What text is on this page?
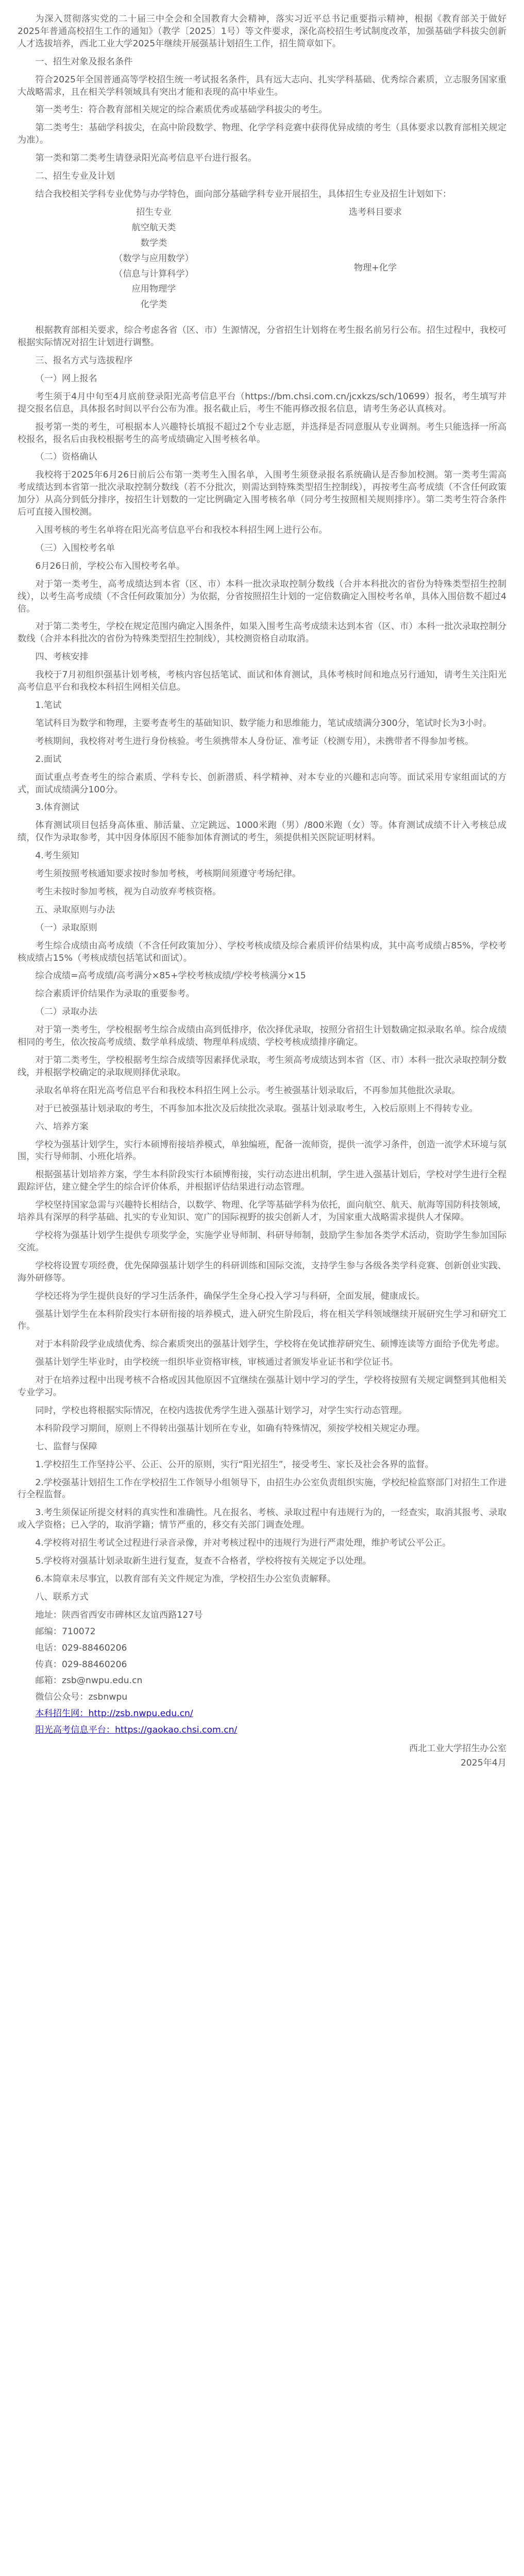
为深入贯彻落实党的二十届三中全会和全国教育大会精神，落实习近平总书记重要指示精神，根据《教育部关于做好2025年普通高校招生工作的通知》（教学〔2025〕1号）等文件要求，深化高校招生考试制度改革，加强基础学科拔尖创新人才选拔培养，西北工业大学2025年继续开展强基计划招生工作，招生简章如下。

一、招生对象及报名条件

符合2025年全国普通高等学校招生统一考试报名条件，具有远大志向、扎实学科基础、优秀综合素质，立志服务国家重大战略需求，且在相关学科领域具有突出才能和表现的高中毕业生。

第一类考生：符合教育部相关规定的综合素质优秀或基础学科拔尖的考生。

第二类考生：基础学科拔尖，在高中阶段数学、物理、化学学科竞赛中获得优异成绩的考生（具体要求以教育部相关规定为准）。

第一类和第二类考生请登录阳光高考信息平台进行报名。

二、招生专业及计划

结合我校相关学科专业优势与办学特色，面向部分基础学科专业开展招生，具体招生专业及招生计划如下：

招生专业	选考科目要求
航空航天类
数学类
（数学与应用数学）
（信息与计算科学）
应用物理学
化学类
物理+化学

根据教育部相关要求，综合考虑各省（区、市）生源情况，分省招生计划将在考生报名前另行公布。招生过程中，我校可根据实际情况对招生计划进行调整。

三、报名方式与选拔程序

（一）网上报名

考生须于4月中旬至4月底前登录阳光高考信息平台（https://bm.chsi.com.cn/jcxkzs/sch/10699）报名，考生填写并提交报名信息，具体报名时间以平台公布为准。报名截止后，考生不能再修改报名信息，请考生务必认真核对。

报考第一类的考生，可根据本人兴趣特长填报不超过2个专业志愿，并选择是否同意服从专业调剂。考生只能选择一所高校报名，报名后由我校根据考生的高考成绩确定入围考核名单。

（二）资格确认

我校将于2025年6月26日前后公布第一类考生入围名单，入围考生须登录报名系统确认是否参加校测。第一类考生需高考成绩达到本省第一批次录取控制分数线（若不分批次，则需达到特殊类型招生控制线），再按考生高考成绩（不含任何政策加分）从高分到低分排序，按招生计划数的一定比例确定入围考核名单（同分考生按照相关规则排序）。第二类考生符合条件后可直接入围校测。

入围考核的考生名单将在阳光高考信息平台和我校本科招生网上进行公布。

（三）入围校考名单

6月26日前，学校公布入围校考名单。

对于第一类考生，高考成绩达到本省（区、市）本科一批次录取控制分数线（合并本科批次的省份为特殊类型招生控制线），以考生高考成绩（不含任何政策加分）为依据，分省按照招生计划的一定倍数确定入围校考名单，具体入围倍数不超过4倍。

对于第二类考生，学校在规定范围内确定入围条件，如果入围考生高考成绩未达到本省（区、市）本科一批次录取控制分数线（合并本科批次的省份为特殊类型招生控制线），其校测资格自动取消。

四、考核安排

我校于7月初组织强基计划考核，考核内容包括笔试、面试和体育测试，具体考核时间和地点另行通知，请考生关注阳光高考信息平台和我校本科招生网相关信息。

1.笔试

笔试科目为数学和物理，主要考查考生的基础知识、数学能力和思维能力，笔试成绩满分300分，笔试时长为3小时。

考核期间，我校将对考生进行身份核验。考生须携带本人身份证、准考证（校测专用），未携带者不得参加考核。

2.面试

面试重点考查考生的综合素质、学科专长、创新潜质、科学精神、对本专业的兴趣和志向等。面试采用专家组面试的方式，面试成绩满分100分。

3.体育测试

体育测试项目包括身高体重、肺活量、立定跳远、1000米跑（男）/800米跑（女）等。体育测试成绩不计入考核总成绩，仅作为录取参考，其中因身体原因不能参加体育测试的考生，须提供相关医院证明材料。

4.考生须知

考生须按照考核通知要求按时参加考核，考核期间须遵守考场纪律。

考生未按时参加考核，视为自动放弃考核资格。

五、录取原则与办法

（一）录取原则

考生综合成绩由高考成绩（不含任何政策加分）、学校考核成绩及综合素质评价结果构成，其中高考成绩占85%，学校考核成绩占15%（考核成绩包括笔试和面试）。

综合成绩=高考成绩/高考满分×85+学校考核成绩/学校考核满分×15

综合素质评价结果作为录取的重要参考。

（二）录取办法

对于第一类考生，学校根据考生综合成绩由高到低排序，依次择优录取，按照分省招生计划数确定拟录取名单。综合成绩相同的考生，依次按高考成绩、数学单科成绩、物理单科成绩、学校考核成绩排序确定。

对于第二类考生，学校根据考生综合成绩等因素择优录取，考生须高考成绩达到本省（区、市）本科一批次录取控制分数线，并根据学校确定的录取规则择优录取。

录取名单将在阳光高考信息平台和我校本科招生网上公示。考生被强基计划录取后，不再参加其他批次录取。

对于已被强基计划录取的考生，不再参加本批次及后续批次录取。强基计划录取考生，入校后原则上不得转专业。

六、培养方案

学校为强基计划学生，实行本硕博衔接培养模式，单独编班，配备一流师资，提供一流学习条件，创造一流学术环境与氛围，实行导师制、小班化培养。

根据强基计划培养方案，学生本科阶段实行本硕博衔接，实行动态进出机制，学生进入强基计划后，学校对学生进行全程跟踪评估，建立健全学生的综合评价体系，并根据评估结果进行动态管理。

学校坚持国家急需与兴趣特长相结合，以数学、物理、化学等基础学科为依托，面向航空、航天、航海等国防科技领域，培养具有深厚的科学基础、扎实的专业知识、宽广的国际视野的拔尖创新人才，为国家重大战略需求提供人才保障。

学校将为强基计划学生提供专项奖学金，实施学业导师制、科研导师制，鼓励学生参加各类学术活动，资助学生参加国际交流。

学校将设置专项经费，优先保障强基计划学生的科研训练和国际交流，支持学生参与各级各类学科竞赛、创新创业实践、海外研修等。

学校还将为学生提供良好的学习生活条件，确保学生全身心投入学习与科研，全面发展，健康成长。

强基计划学生在本科阶段实行本研衔接的培养模式，进入研究生阶段后，将在相关学科领域继续开展研究生学习和研究工作。

对于本科阶段学业成绩优秀、综合素质突出的强基计划学生，学校将在免试推荐研究生、硕博连读等方面给予优先考虑。

强基计划学生毕业时，由学校统一组织毕业资格审核，审核通过者颁发毕业证书和学位证书。

对于在培养过程中出现考核不合格或因其他原因不宜继续在强基计划中学习的学生，学校将按照有关规定调整到其他相关专业学习。

同时，学校也将根据实际情况，在校内选拔优秀学生进入强基计划学习，对学生实行动态管理。

本科阶段学习期间，原则上不得转出强基计划所在专业，如确有特殊情况，须按学校相关规定办理。

七、监督与保障

1.学校招生工作坚持公平、公正、公开的原则，实行“阳光招生”，接受考生、家长及社会各界的监督。

2.学校强基计划招生工作在学校招生工作领导小组领导下，由招生办公室负责组织实施，学校纪检监察部门对招生工作进行全程监督。

3.考生须保证所提交材料的真实性和准确性。凡在报名、考核、录取过程中有违规行为的，一经查实，取消其报考、录取或入学资格；已入学的，取消学籍；情节严重的，移交有关部门调查处理。

4.学校将对招生考试全过程进行录音录像，并对考核过程中的违规行为进行严肃处理，维护考试公平公正。

5.学校将对强基计划录取新生进行复查，复查不合格者，学校将按有关规定予以处理。

6.本简章未尽事宜，以教育部有关文件规定为准，学校招生办公室负责解释。

八、联系方式

地址：陕西省西安市碑林区友谊西路127号

邮编：710072

电话：029-88460206

传真：029-88460206

邮箱：zsb@nwpu.edu.cn

微信公众号：zsbnwpu

本科招生网：http://zsb.nwpu.edu.cn/

阳光高考信息平台：https://gaokao.chsi.com.cn/

西北工业大学招生办公室

2025年4月
